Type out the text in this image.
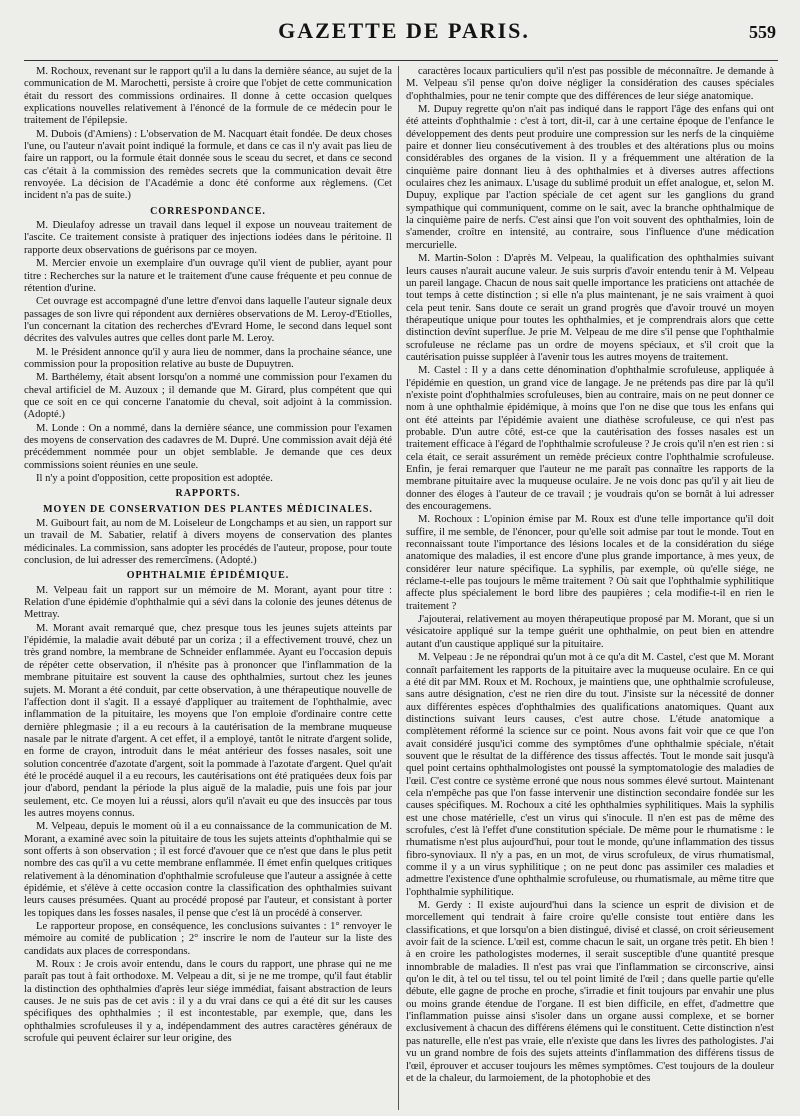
GAZETTE DE PARIS.	559

M. Rochoux, revenant sur le rapport qu'il a lu dans la dernière séance, au sujet de la communication de M. Marochetti, persiste à croire que l'objet de cette communication était du ressort des commissions ordinaires. Il donne à cette occasion quelques explications nouvelles relativement à l'énoncé de la formule de ce médecin pour le traitement de l'épilepsie.

M. Dubois (d'Amiens) : L'observation de M. Nacquart était fondée. De deux choses l'une, ou l'auteur n'avait point indiqué la formule, et dans ce cas il n'y avait pas lieu de faire un rapport, ou la formule était donnée sous le sceau du secret, et dans ce second cas c'était à la commission des remèdes secrets que la communication devait être renvoyée. La décision de l'Académie a donc été conforme aux règlemens. (Cet incident n'a pas de suite.)

CORRESPONDANCE.

M. Dieulafoy adresse un travail dans lequel il expose un nouveau traitement de l'ascite. Ce traitement consiste à pratiquer des injections iodées dans le péritoine. Il rapporte deux observations de guérisons par ce moyen.

M. Mercier envoie un exemplaire d'un ouvrage qu'il vient de publier, ayant pour titre : Recherches sur la nature et le traitement d'une cause fréquente et peu connue de rétention d'urine.

Cet ouvrage est accompagné d'une lettre d'envoi dans laquelle l'auteur signale deux passages de son livre qui répondent aux dernières observations de M. Leroy-d'Etiolles, l'un concernant la citation des recherches d'Evrard Home, le second dans lequel sont décrites des valvules autres que celles dont parle M. Leroy.

M. le Président annonce qu'il y aura lieu de nommer, dans la prochaine séance, une commission pour la proposition relative au buste de Dupuytren.

M. Barthélemy, était absent lorsqu'on a nommé une commission pour l'examen du cheval artificiel de M. Auzoux ; il demande que M. Girard, plus compétent que qui que ce soit en ce qui concerne l'anatomie du cheval, soit adjoint à la commission. (Adopté.)

M. Londe : On a nommé, dans la dernière séance, une commission pour l'examen des moyens de conservation des cadavres de M. Dupré. Une commission avait déjà été précédemment nommée pour un objet semblable. Je demande que ces deux commissions soient réunies en une seule.

Il n'y a point d'opposition, cette proposition est adoptée.

RAPPORTS.

MOYEN DE CONSERVATION DES PLANTES MÉDICINALES.

M. Guibourt fait, au nom de M. Loiseleur de Longchamps et au sien, un rapport sur un travail de M. Sabatier, relatif à divers moyens de conservation des plantes médicinales. La commission, sans adopter les procédés de l'auteur, propose, pour toute conclusion, de lui adresser des remercîmens. (Adopté.)

OPHTHALMIE ÉPIDÉMIQUE.

M. Velpeau fait un rapport sur un mémoire de M. Morant, ayant pour titre : Relation d'une épidémie d'ophthalmie qui a sévi dans la colonie des jeunes détenus de Mettray.

M. Morant avait remarqué que, chez presque tous les jeunes sujets atteints par l'épidémie, la maladie avait débuté par un coriza ; il a effectivement trouvé, chez un très grand nombre, la membrane de Schneider enflammée. Ayant eu l'occasion depuis de répéter cette observation, il n'hésite pas à prononcer que l'inflammation de la membrane pituitaire est souvent la cause des ophthalmies, surtout chez les jeunes sujets. M. Morant a été conduit, par cette observation, à une thérapeutique nouvelle de l'affection dont il s'agit. Il a essayé d'appliquer au traitement de l'ophthalmie, avec inflammation de la pituitaire, les moyens que l'on emploie d'ordinaire contre cette dernière phlegmasie ; il a eu recours à la cautérisation de la membrane muqueuse nasale par le nitrate d'argent. A cet effet, il a employé, tantôt le nitrate d'argent solide, en forme de crayon, introduit dans le méat antérieur des fosses nasales, soit une solution concentrée d'azotate d'argent, soit la pommade à l'azotate d'argent. Quel qu'ait été le procédé auquel il a eu recours, les cautérisations ont été pratiquées deux fois par jour d'abord, pendant la période la plus aiguë de la maladie, puis une fois par jour seulement, etc. Ce moyen lui a réussi, alors qu'il n'avait eu que des insuccès par tous les autres moyens connus.

M. Velpeau, depuis le moment où il a eu connaissance de la communication de M. Morant, a examiné avec soin la pituitaire de tous les sujets atteints d'ophthalmie qui se sont offerts à son observation ; il est forcé d'avouer que ce n'est que dans le plus petit nombre des cas qu'il a vu cette membrane enflammée. Il émet enfin quelques critiques relativement à la dénomination d'ophthalmie scrofuleuse que l'auteur a assignée à cette épidémie, et s'élève à cette occasion contre la classification des ophthalmies suivant leurs causes présumées. Quant au procédé proposé par l'auteur, et consistant à porter les topiques dans les fosses nasales, il pense que c'est là un procédé à conserver.

Le rapporteur propose, en conséquence, les conclusions suivantes : 1° renvoyer le mémoire au comité de publication ; 2° inscrire le nom de l'auteur sur la liste des candidats aux places de correspondans.

M. Roux : Je crois avoir entendu, dans le cours du rapport, une phrase qui ne me paraît pas tout à fait orthodoxe. M. Velpeau a dit, si je ne me trompe, qu'il faut établir la distinction des ophthalmies d'après leur siége immédiat, faisant abstraction de leurs causes. Je ne suis pas de cet avis : il y a du vrai dans ce qui a été dit sur les causes spécifiques des ophthalmies ; il est incontestable, par exemple, que, dans les ophthalmies scrofuleuses il y a, indépendamment des autres caractères généraux de scrofule qui peuvent éclairer sur leur origine, des

caractères locaux particuliers qu'il n'est pas possible de méconnaître. Je demande à M. Velpeau s'il pense qu'on doive négliger la considération des causes spéciales d'ophthalmies, pour ne tenir compte que des différences de leur siége anatomique.

M. Dupuy regrette qu'on n'ait pas indiqué dans le rapport l'âge des enfans qui ont été atteints d'ophthalmie : c'est à tort, dit-il, car à une certaine époque de l'enfance le développement des dents peut produire une compression sur les nerfs de la cinquième paire et donner lieu consécutivement à des troubles et des altérations plus ou moins considérables des organes de la vision. Il y a fréquemment une altération de la cinquième paire donnant lieu à des ophthalmies et à diverses autres affections oculaires chez les animaux. L'usage du sublimé produit un effet analogue, et, selon M. Dupuy, explique par l'action spéciale de cet agent sur les ganglions du grand sympathique qui communiquent, comme on le sait, avec la branche ophthalmique de la cinquième paire de nerfs. C'est ainsi que l'on voit souvent des ophthalmies, loin de s'amender, croître en intensité, au contraire, sous l'influence d'une médication mercurielle.

M. Martin-Solon : D'après M. Velpeau, la qualification des ophthalmies suivant leurs causes n'aurait aucune valeur. Je suis surpris d'avoir entendu tenir à M. Velpeau un pareil langage. Chacun de nous sait quelle importance les praticiens ont attachée de tout temps à cette distinction ; si elle n'a plus maintenant, je ne sais vraiment à quoi cela peut tenir. Sans doute ce serait un grand progrès que d'avoir trouvé un moyen thérapeutique unique pour toutes les ophthalmies, et je comprendrais alors que cette distinction devînt superflue. Je prie M. Velpeau de me dire s'il pense que l'ophthalmie scrofuleuse ne réclame pas un ordre de moyens spéciaux, et s'il croit que la cautérisation puisse suppléer à l'avenir tous les autres moyens de traitement.

M. Castel : Il y a dans cette dénomination d'ophthalmie scrofuleuse, appliquée à l'épidémie en question, un grand vice de langage. Je ne prétends pas dire par là qu'il n'existe point d'ophthalmies scrofuleuses, bien au contraire, mais on ne peut donner ce nom à une ophthalmie épidémique, à moins que l'on ne dise que tous les enfans qui ont été atteints par l'épidémie avaient une diathèse scrofuleuse, ce qui n'est pas probable. D'un autre côté, est-ce que la cautérisation des fosses nasales est un traitement efficace à l'égard de l'ophthalmie scrofuleuse ? Je crois qu'il n'en est rien : si cela était, ce serait assurément un remède précieux contre l'ophthalmie scrofuleuse. Enfin, je ferai remarquer que l'auteur ne me paraît pas connaître les rapports de la membrane pituitaire avec la muqueuse oculaire. Je ne vois donc pas qu'il y ait lieu de donner des éloges à l'auteur de ce travail ; je voudrais qu'on se bornât à lui adresser des encouragemens.

M. Rochoux : L'opinion émise par M. Roux est d'une telle importance qu'il doit suffire, il me semble, de l'énoncer, pour qu'elle soit admise par tout le monde. Tout en reconnaissant toute l'importance des lésions locales et de la considération du siége anatomique des maladies, il est encore d'une plus grande importance, à mes yeux, de considérer leur nature spécifique. La syphilis, par exemple, où qu'elle siége, ne réclame-t-elle pas toujours le même traitement ? Où sait que l'ophthalmie syphilitique affecte plus spécialement le bord libre des paupières ; cela modifie-t-il en rien le traitement ?

J'ajouterai, relativement au moyen thérapeutique proposé par M. Morant, que si un vésicatoire appliqué sur la tempe guérit une ophthalmie, on peut bien en attendre autant d'un caustique appliqué sur la pituitaire.

M. Velpeau : Je ne répondrai qu'un mot à ce qu'a dit M. Castel, c'est que M. Morant connaît parfaitement les rapports de la pituitaire avec la muqueuse oculaire. En ce qui a été dit par MM. Roux et M. Rochoux, je maintiens que, une ophthalmie scrofuleuse, sans autre désignation, c'est ne rien dire du tout. J'insiste sur la nécessité de donner aux différentes espèces d'ophthalmies des qualifications anatomiques. Quant aux distinctions suivant leurs causes, c'est autre chose. L'étude anatomique a complètement réformé la science sur ce point. Nous avons fait voir que ce que l'on avait considéré jusqu'ici comme des symptômes d'une ophthalmie spéciale, n'était souvent que le résultat de la différence des tissus affectés. Tout le monde sait jusqu'à quel point certains ophthalmologistes ont poussé la symptomatologie des maladies de l'œil. C'est contre ce système erroné que nous nous sommes élevé surtout. Maintenant cela n'empêche pas que l'on fasse intervenir une distinction secondaire fondée sur les causes spécifiques. M. Rochoux a cité les ophthalmies syphilitiques. Mais la syphilis est une chose matérielle, c'est un virus qui s'inocule. Il n'en est pas de même des scrofules, c'est là l'effet d'une constitution spéciale. De même pour le rhumatisme : le rhumatisme n'est plus aujourd'hui, pour tout le monde, qu'une inflammation des tissus fibro-synoviaux. Il n'y a pas, en un mot, de virus scrofuleux, de virus rhumatismal, comme il y a un virus syphilitique ; on ne peut donc pas assimiler ces maladies et admettre l'existence d'une ophthalmie scrofuleuse, ou rhumatismale, au même titre que l'ophthalmie syphilitique.

M. Gerdy : Il existe aujourd'hui dans la science un esprit de division et de morcellement qui tendrait à faire croire qu'elle consiste tout entière dans les classifications, et que lorsqu'on a bien distingué, divisé et classé, on croit sérieusement avoir fait de la science. L'œil est, comme chacun le sait, un organe très petit. Eh bien ! à en croire les pathologistes modernes, il serait susceptible d'une quantité presque innombrable de maladies. Il n'est pas vrai que l'inflammation se circonscrive, ainsi qu'on le dit, à tel ou tel tissu, tel ou tel point limité de l'œil ; dans quelle partie qu'elle débute, elle gagne de proche en proche, s'irradie et finit toujours par envahir une plus ou moins grande étendue de l'organe. Il est bien difficile, en effet, d'admettre que l'inflammation puisse ainsi s'isoler dans un organe aussi complexe, et se borner exclusivement à chacun des différens élémens qui le constituent. Cette distinction n'est pas naturelle, elle n'est pas vraie, elle n'existe que dans les livres des pathologistes. J'ai vu un grand nombre de fois des sujets atteints d'inflammation des différens tissus de l'œil, éprouver et accuser toujours les mêmes symptômes. C'est toujours de la douleur et de la chaleur, du larmoiement, de la photophobie et des
